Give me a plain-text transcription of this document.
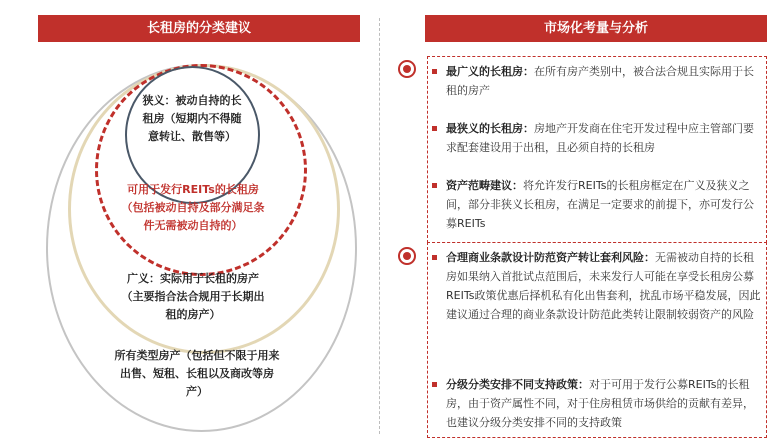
长租房的分类建议
狭义：被动自持的长租房（短期内不得随意转让、散售等）
可用于发行REITs的长租房（包括被动自持及部分满足条件无需被动自持的）
广义：实际用于长租的房产（主要指合法合规用于长期出租的房产）
所有类型房产（包括但不限于用来出售、短租、长租以及商改等房产）
市场化考量与分析
最广义的长租房：在所有房产类别中，被合法合规且实际用于长租的房产
最狭义的长租房：房地产开发商在住宅开发过程中应主管部门要求配套建设用于出租，且必须自持的长租房
资产范畴建议：将允许发行REITs的长租房框定在广义及狭义之间，部分非狭义长租房，在满足一定要求的前提下，亦可发行公募REITs
合理商业条款设计防范资产转让套利风险：无需被动自持的长租房如果纳入首批试点范围后，未来发行人可能在享受长租房公募REITs政策优惠后择机私有化出售套利，扰乱市场平稳发展，因此建议通过合理的商业条款设计防范此类转让限制较弱资产的风险
分级分类安排不同支持政策：对于可用于发行公募REITs的长租房，由于资产属性不同，对于住房租赁市场供给的贡献有差异，也建议分级分类安排不同的支持政策
